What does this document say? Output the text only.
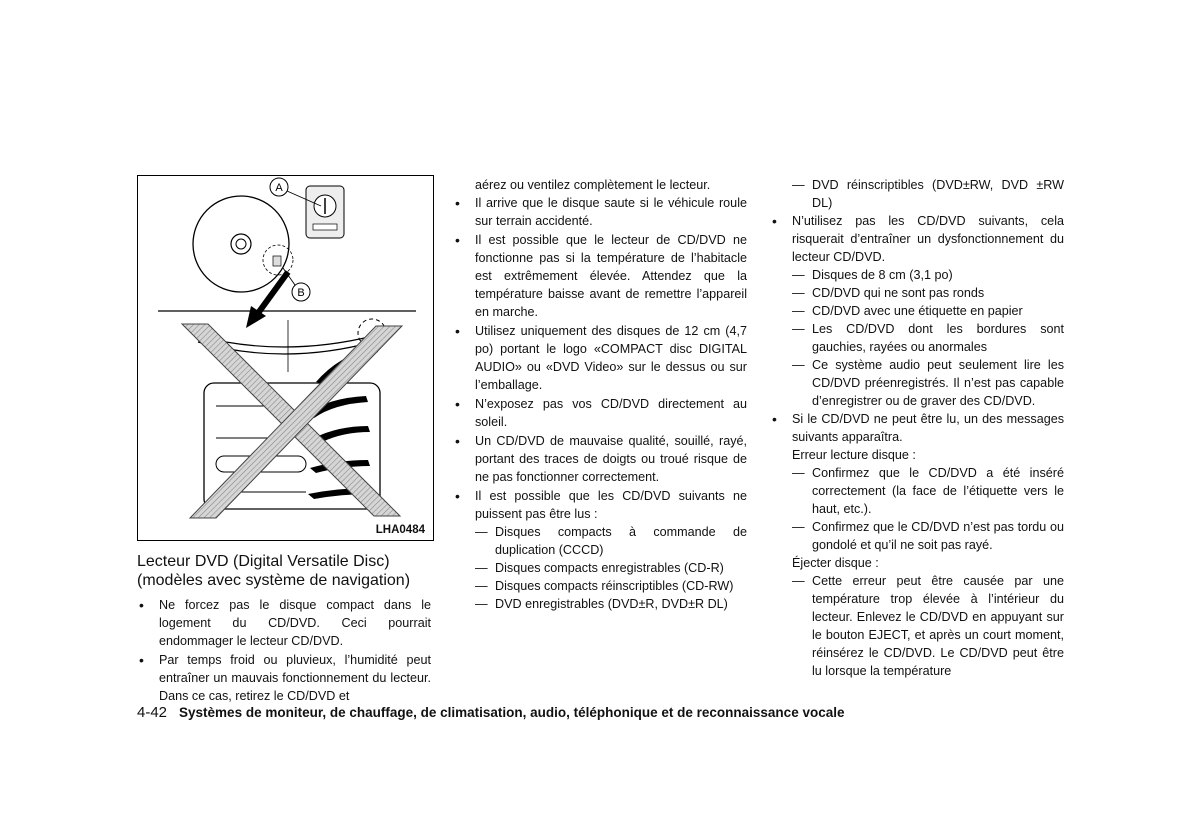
A
B
LHA0484
Lecteur DVD (Digital Versatile Disc) (modèles avec système de navigation)
• Ne forcez pas le disque compact dans le logement du CD/DVD. Ceci pourrait endommager le lecteur CD/DVD.
• Par temps froid ou pluvieux, l’humidité peut entraîner un mauvais fonctionnement du lecteur. Dans ce cas, retirez le CD/DVD et
aérez ou ventilez complètement le lecteur.
• Il arrive que le disque saute si le véhicule roule sur terrain accidenté.
• Il est possible que le lecteur de CD/DVD ne fonctionne pas si la température de l’habitacle est extrêmement élevée. Attendez que la température baisse avant de remettre l’appareil en marche.
• Utilisez uniquement des disques de 12 cm (4,7 po) portant le logo «COMPACT disc DIGITAL AUDIO» ou «DVD Video» sur le dessus ou sur l’emballage.
• N’exposez pas vos CD/DVD directement au soleil.
• Un CD/DVD de mauvaise qualité, souillé, rayé, portant des traces de doigts ou troué risque de ne pas fonctionner correctement.
• Il est possible que les CD/DVD suivants ne puissent pas être lus :
— Disques compacts à commande de duplication (CCCD)
— Disques compacts enregistrables (CD-R)
— Disques compacts réinscriptibles (CD-RW)
— DVD enregistrables (DVD±R, DVD±R DL)
— DVD réinscriptibles (DVD±RW, DVD ±RW DL)
• N’utilisez pas les CD/DVD suivants, cela risquerait d’entraîner un dysfonctionnement du lecteur CD/DVD.
— Disques de 8 cm (3,1 po)
— CD/DVD qui ne sont pas ronds
— CD/DVD avec une étiquette en papier
— Les CD/DVD dont les bordures sont gauchies, rayées ou anormales
— Ce système audio peut seulement lire les CD/DVD préenregistrés. Il n’est pas capable d’enregistrer ou de graver des CD/DVD.
• Si le CD/DVD ne peut être lu, un des messages suivants apparaîtra.
Erreur lecture disque :
— Confirmez que le CD/DVD a été inséré correctement (la face de l’étiquette vers le haut, etc.).
— Confirmez que le CD/DVD n’est pas tordu ou gondolé et qu’il ne soit pas rayé.
Éjecter disque :
— Cette erreur peut être causée par une température trop élevée à l’intérieur du lecteur. Enlevez le CD/DVD en appuyant sur le bouton EJECT, et après un court moment, réinsérez le CD/DVD. Le CD/DVD peut être lu lorsque la température
4-42 Systèmes de moniteur, de chauffage, de climatisation, audio, téléphonique et de reconnaissance vocale
